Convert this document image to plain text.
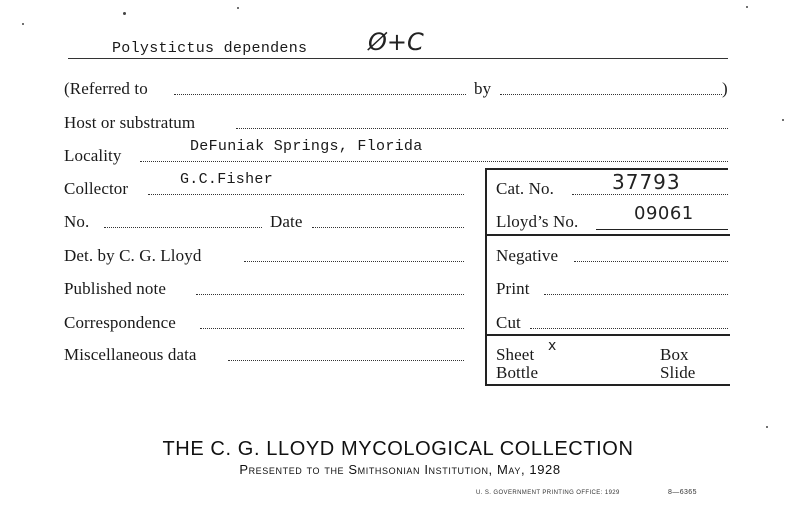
Polystictus dependens	Ø+C
(Referred to	by	)
Host or substratum
Locality	DeFuniak Springs, Florida
Collector	G.C.Fisher	Cat. No.	37793
No.	Date	Lloyd’s No.	09061
Det. by C. G. Lloyd	Negative
Published note	Print
Correspondence	Cut
Miscellaneous data	Sheet x	Box
Bottle	Slide
THE C. G. LLOYD MYCOLOGICAL COLLECTION
Presented to the Smithsonian Institution, May, 1928
U. S. GOVERNMENT PRINTING OFFICE: 1929	8—6365
